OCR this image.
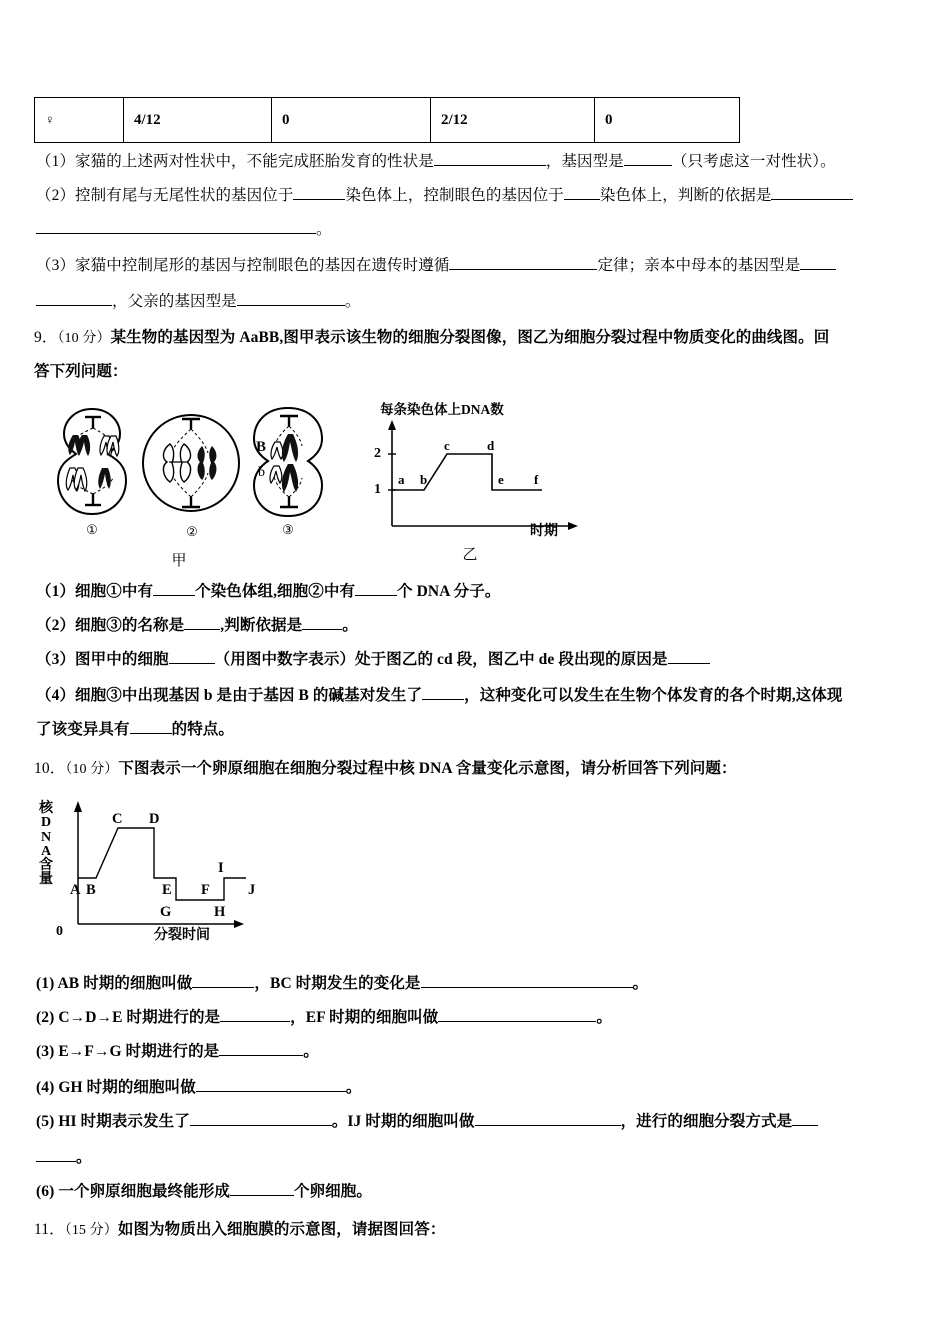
♀	4/12	0	2/12	0
（1）家猫的上述两对性状中，不能完成胚胎发育的性状是	，基因型是	（只考虑这一对性状）。
（2）控制有尾与无尾性状的基因位于	染色体上，控制眼色的基因位于 染色体上，判断的依据是
。
（3）家猫中控制尾形的基因与控制眼色的基因在遗传时遵循	定律；亲本中母本的基因型是
，父亲的基因型是	。
9．（10 分）某生物的基因型为 AaBB,图甲表示该生物的细胞分裂图像，图乙为细胞分裂过程中物质变化的曲线图。回
答下列问题：
①	②
B
b
③
甲
每条染色体上DNA数
2
1
a b
c	d
e f
时期
乙
（1）细胞①中有	个染色体组,细胞②中有	个 DNA 分子。
（2）细胞③的名称是 ,判断依据是	。
（3）图甲中的细胞	（用图中数字表示）处于图乙的 cd 段，图乙中 de 段出现的原因是
（4）细胞③中出现基因 b 是由于基因 B 的碱基对发生了	，这种变化可以发生在生物个体发育的各个时期,这体现
了该变异具有	的特点。
10．（10 分）下图表示一个卵原细胞在细胞分裂过程中核 DNA 含量变化示意图，请分析回答下列问题：
核
D
N
A
含
量
A B
C D
E F
G	H
I
J
0	分裂时间
(1) AB 时期的细胞叫做	，BC 时期发生的变化是	。
(2) C→D→E 时期进行的是	，EF 时期的细胞叫做	。
(3) E→F→G 时期进行的是	。
(4) GH 时期的细胞叫做	。
(5) HI 时期表示发生了	。IJ 时期的细胞叫做	，进行的细胞分裂方式是
。
(6) 一个卵原细胞最终能形成	个卵细胞。
11．（15 分）如图为物质出入细胞膜的示意图，请据图回答：
